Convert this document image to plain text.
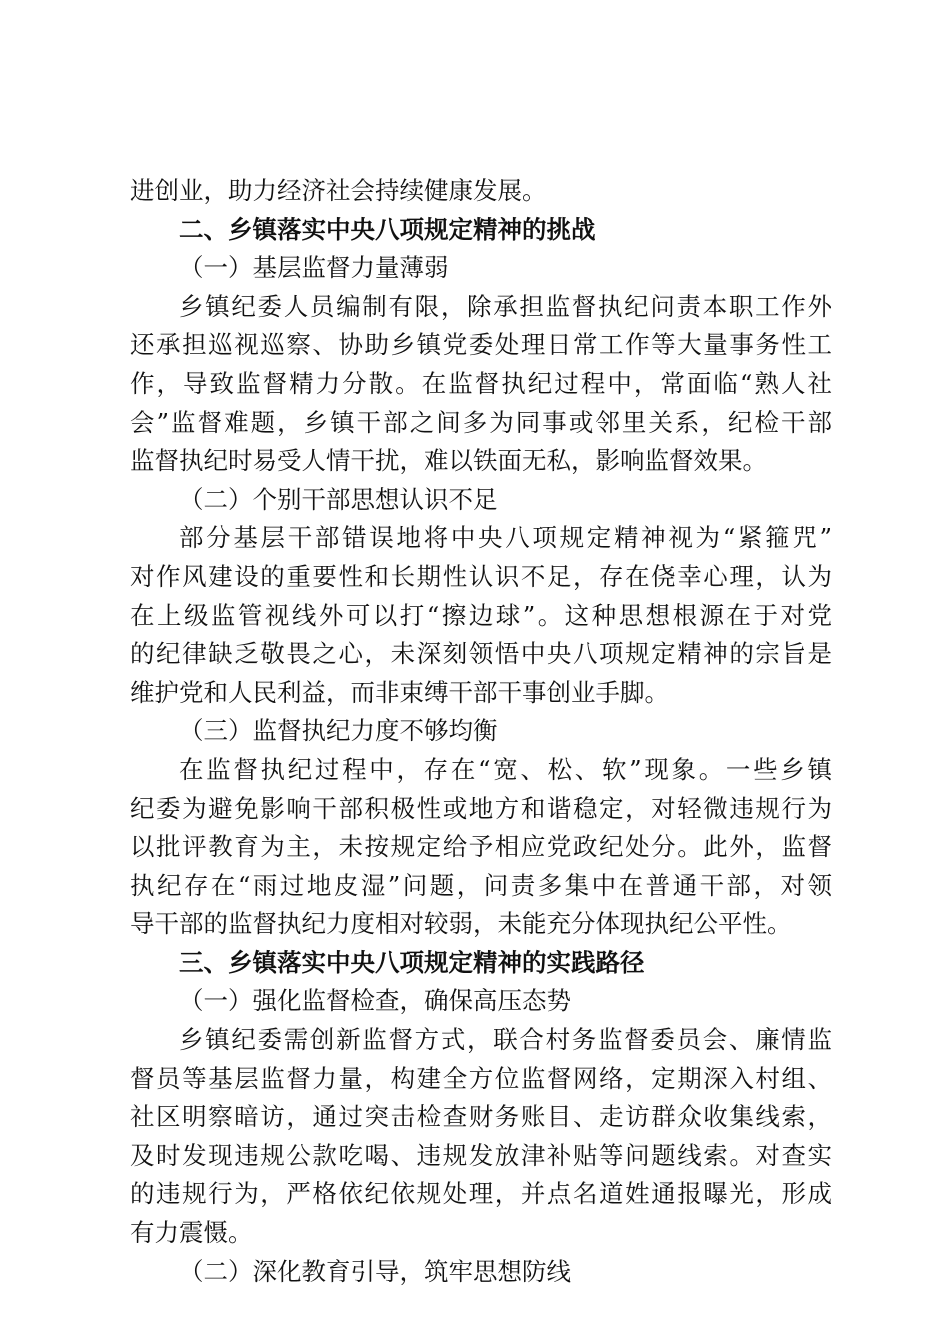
进创业，助力经济社会持续健康发展。
二、乡镇落实中央八项规定精神的挑战
（一）基层监督力量薄弱
乡镇纪委人员编制有限，除承担监督执纪问责本职工作外
还承担巡视巡察、协助乡镇党委处理日常工作等大量事务性工
作，导致监督精力分散。在监督执纪过程中，常面临“熟人社
会”监督难题，乡镇干部之间多为同事或邻里关系，纪检干部
监督执纪时易受人情干扰，难以铁面无私，影响监督效果。
（二）个别干部思想认识不足
部分基层干部错误地将中央八项规定精神视为“紧箍咒”
对作风建设的重要性和长期性认识不足，存在侥幸心理，认为
在上级监管视线外可以打“擦边球”。这种思想根源在于对党
的纪律缺乏敬畏之心，未深刻领悟中央八项规定精神的宗旨是
维护党和人民利益，而非束缚干部干事创业手脚。
（三）监督执纪力度不够均衡
在监督执纪过程中，存在“宽、松、软”现象。一些乡镇
纪委为避免影响干部积极性或地方和谐稳定，对轻微违规行为
以批评教育为主，未按规定给予相应党政纪处分。此外，监督
执纪存在“雨过地皮湿”问题，问责多集中在普通干部，对领
导干部的监督执纪力度相对较弱，未能充分体现执纪公平性。
三、乡镇落实中央八项规定精神的实践路径
（一）强化监督检查，确保高压态势
乡镇纪委需创新监督方式，联合村务监督委员会、廉情监
督员等基层监督力量，构建全方位监督网络，定期深入村组、
社区明察暗访，通过突击检查财务账目、走访群众收集线索，
及时发现违规公款吃喝、违规发放津补贴等问题线索。对查实
的违规行为，严格依纪依规处理，并点名道姓通报曝光，形成
有力震慑。
（二）深化教育引导，筑牢思想防线
